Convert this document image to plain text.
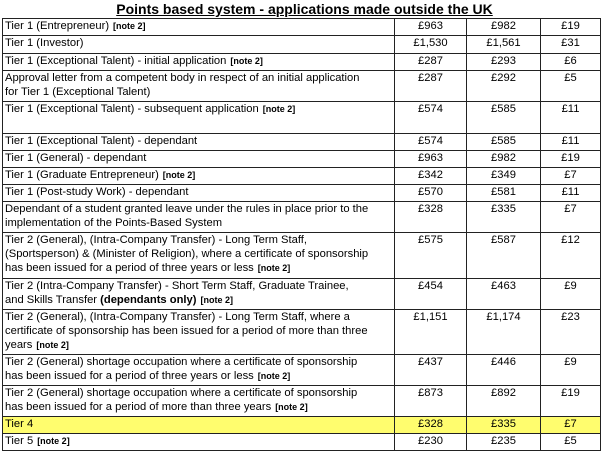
Points based system - applications made outside the UK
Tier 1 (Entrepreneur) [note 2]	£963	£982	£19
Tier 1 (Investor)	£1,530	£1,561	£31
Tier 1 (Exceptional Talent) - initial application [note 2]	£287	£293	£6

Approval letter from a competent body in respect of an initial application
for Tier 1 (Exceptional Talent)	£287	£292	£5
Tier 1 (Exceptional Talent) - subsequent application [note 2]	£574	£585	£11
Tier 1 (Exceptional Talent) - dependant	£574	£585	£11
Tier 1 (General) - dependant	£963	£982	£19
Tier 1 (Graduate Entrepreneur) [note 2]	£342	£349	£7
Tier 1 (Post-study Work) - dependant	£570	£581	£11

Dependant of a student granted leave under the rules in place prior to the
implementation of the Points-Based System	£328	£335	£7

Tier 2 (General), (Intra-Company Transfer) - Long Term Staff,
(Sportsperson) & (Minister of Religion), where a certificate of sponsorship
has been issued for a period of three years or less [note 2]	£575	£587	£12

Tier 2 (Intra-Company Transfer) - Short Term Staff, Graduate Trainee,
and Skills Transfer (dependants only) [note 2]	£454	£463	£9

Tier 2 (General), (Intra-Company Transfer) - Long Term Staff, where a
certificate of sponsorship has been issued for a period of more than three
years [note 2]	£1,151	£1,174	£23

Tier 2 (General) shortage occupation where a certificate of sponsorship
has been issued for a period of three years or less [note 2]	£437	£446	£9

Tier 2 (General) shortage occupation where a certificate of sponsorship
has been issued for a period of more than three years [note 2]	£873	£892	£19
Tier 4	£328	£335	£7
Tier 5 [note 2]	£230	£235	£5
